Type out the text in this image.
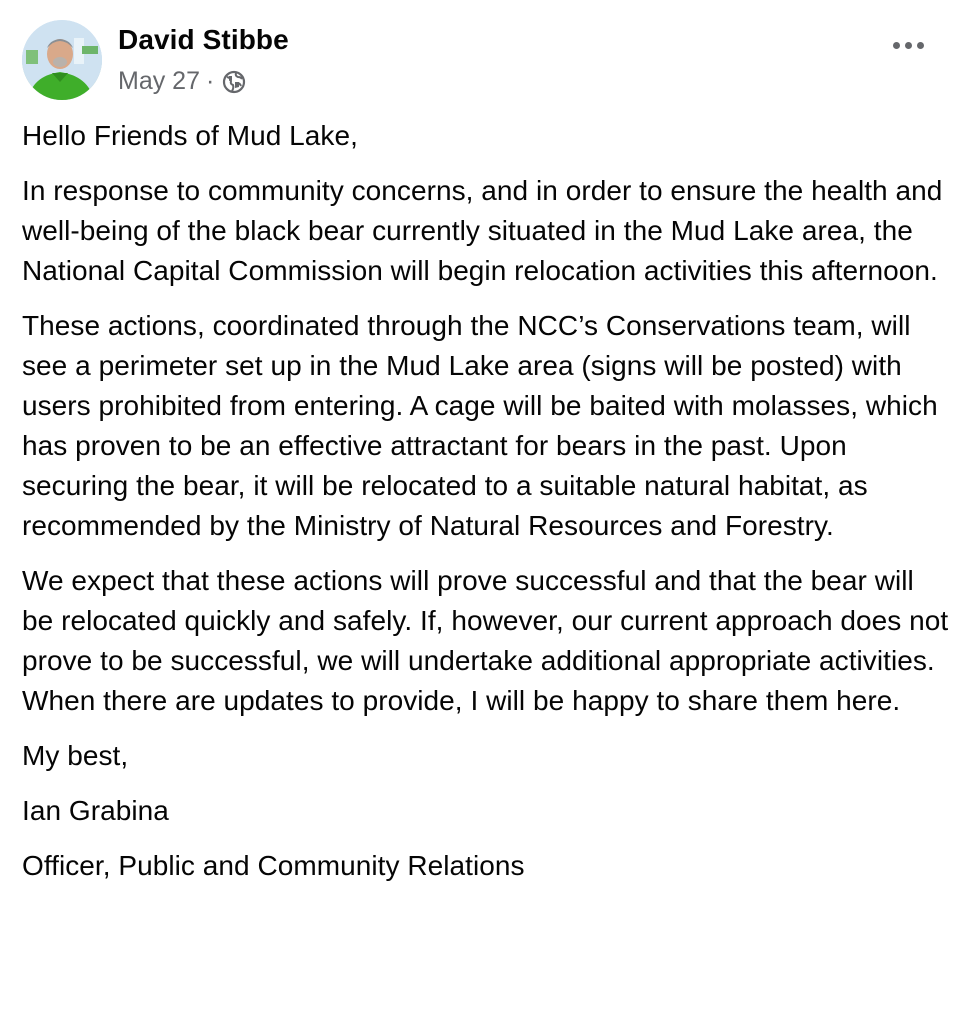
David Stibbe
May 27 ·

Hello Friends of Mud Lake,

In response to community concerns, and in order to ensure the health and well-being of the black bear currently situated in the Mud Lake area, the National Capital Commission will begin relocation activities this afternoon.

These actions, coordinated through the NCC’s Conservations team, will see a perimeter set up in the Mud Lake area (signs will be posted) with users prohibited from entering. A cage will be baited with molasses, which has proven to be an effective attractant for bears in the past. Upon securing the bear, it will be relocated to a suitable natural habitat, as recommended by the Ministry of Natural Resources and Forestry.

We expect that these actions will prove successful and that the bear will be relocated quickly and safely. If, however, our current approach does not prove to be successful, we will undertake additional appropriate activities. When there are updates to provide, I will be happy to share them here.

My best,

Ian Grabina

Officer, Public and Community Relations
